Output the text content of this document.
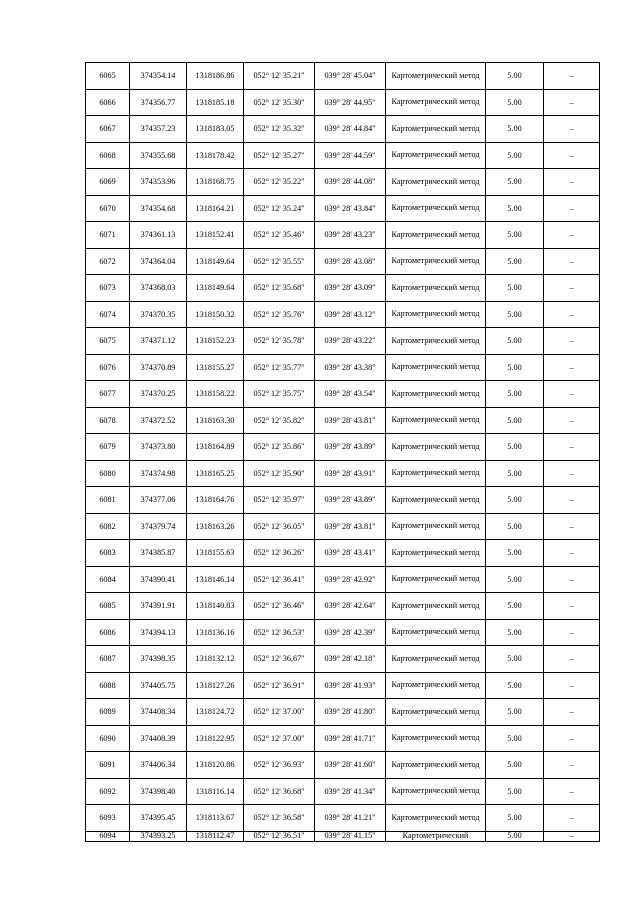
6065	374354.14	1318186.86	052° 12' 35.21"	039° 28' 45.04"	Картометрический метод	5.00	–
6066	374356.77	1318185.18	052° 12' 35.30"	039° 28' 44.95"	Картометрический метод	5.00	–
6067	374357.23	1318183.05	052° 12' 35.32"	039° 28' 44.84"	Картометрический метод	5.00	–
6068	374355.68	1318178.42	052° 12' 35.27"	039° 28' 44.59"	Картометрический метод	5.00	–
6069	374353.96	1318168.75	052° 12' 35.22"	039° 28' 44.08"	Картометрический метод	5.00	–
6070	374354.68	1318164.21	052° 12' 35.24"	039° 28' 43.84"	Картометрический метод	5.00	–
6071	374361.13	1318152.41	052° 12' 35.46"	039° 28' 43.23"	Картометрический метод	5.00	–
6072	374364.04	1318149.64	052° 12' 35.55"	039° 28' 43.08"	Картометрический метод	5.00	–
6073	374368.03	1318149.64	052° 12' 35.68"	039° 28' 43.09"	Картометрический метод	5.00	–
6074	374370.35	1318150.32	052° 12' 35.76"	039° 28' 43.12"	Картометрический метод	5.00	–
6075	374371.12	1318152.23	052° 12' 35.78"	039° 28' 43.22"	Картометрический метод	5.00	–
6076	374370.89	1318155.27	052° 12' 35.77"	039° 28' 43.38"	Картометрический метод	5.00	–
6077	374370.25	1318158.22	052° 12' 35.75"	039° 28' 43.54"	Картометрический метод	5.00	–
6078	374372.52	1318163.30	052° 12' 35.82"	039° 28' 43.81"	Картометрический метод	5.00	–
6079	374373.80	1318164.89	052° 12' 35.86"	039° 28' 43.89"	Картометрический метод	5.00	–
6080	374374.98	1318165.25	052° 12' 35.90"	039° 28' 43.91"	Картометрический метод	5.00	–
6081	374377.06	1318164.76	052° 12' 35.97"	039° 28' 43.89"	Картометрический метод	5.00	–
6082	374379.74	1318163.26	052° 12' 36.05"	039° 28' 43.81"	Картометрический метод	5.00	–
6083	374385.87	1318155.63	052° 12' 36.26"	039° 28' 43.41"	Картометрический метод	5.00	–
6084	374390.41	1318146.14	052° 12' 36.41"	039° 28' 42.92"	Картометрический метод	5.00	–
6085	374391.91	1318140.83	052° 12' 36.46"	039° 28' 42.64"	Картометрический метод	5.00	–
6086	374394.13	1318136.16	052° 12' 36.53"	039° 28' 42.39"	Картометрический метод	5.00	–
6087	374398.35	1318132.12	052° 12' 36.67"	039° 28' 42.18"	Картометрический метод	5.00	–
6088	374405.75	1318127.26	052° 12' 36.91"	039° 28' 41.93"	Картометрический метод	5.00	–
6089	374408.34	1318124.72	052° 12' 37.00"	039° 28' 41.80"	Картометрический метод	5.00	–
6090	374408.39	1318122.95	052° 12' 37.00"	039° 28' 41.71"	Картометрический метод	5.00	–
6091	374406.34	1318120.86	052° 12' 36.93"	039° 28' 41.60"	Картометрический метод	5.00	–
6092	374398.40	1318116.14	052° 12' 36.68"	039° 28' 41.34"	Картометрический метод	5.00	–
6093	374395.45	1318113.67	052° 12' 36.58"	039° 28' 41.21"	Картометрический метод	5.00	–
6094	374393.25	1318112.47	052° 12' 36.51"	039° 28' 41.15"	Картометрический	5.00	–
